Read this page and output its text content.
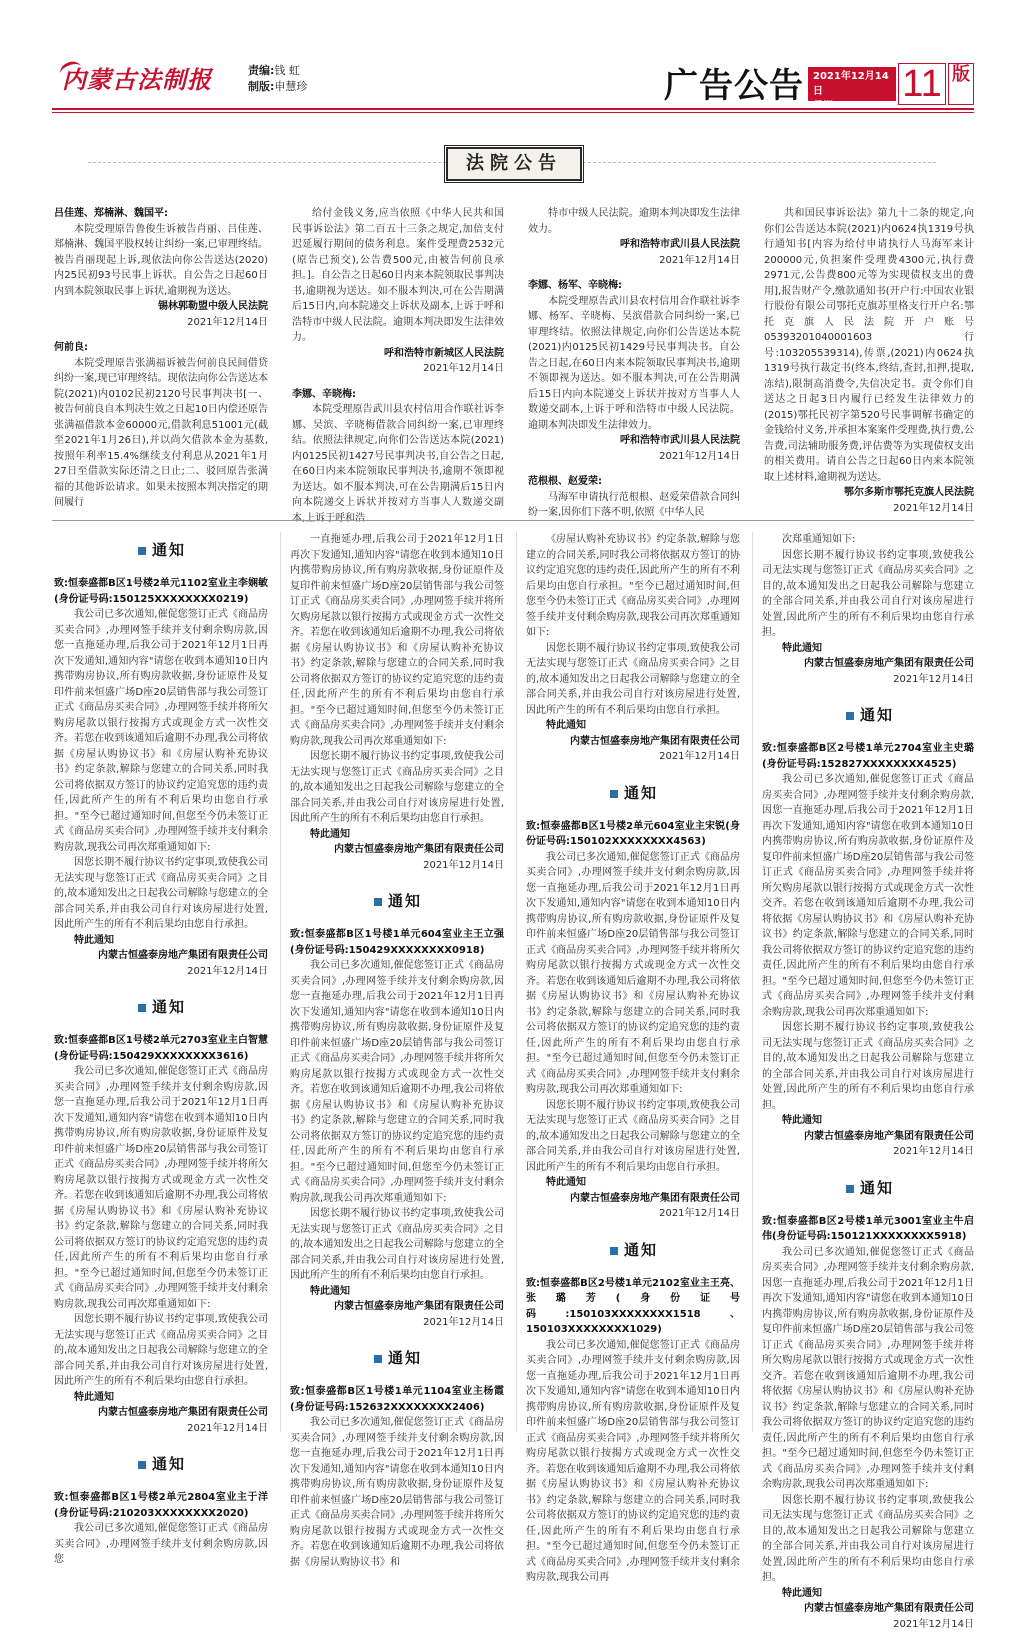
内蒙古法制报	责编:钱 虹
制版:申慧珍	广告公告 2021年12月14日
星期二
11 版
法院公告
吕佳莲、郑楠淋、魏国平:

本院受理原告鲁俊生诉被告肖丽、吕佳莲、郑楠淋、魏国平股权转让纠纷一案,已审理终结。被告肖丽现起上诉,现依法向你公告送达(2020)内25民初93号民事上诉状。自公告之日起60日内到本院领取民事上诉状,逾期视为送达。

锡林郭勒盟中级人民法院
2021年12月14日
何前良:

本院受理原告张满福诉被告何前良民间借贷纠纷一案,现已审理终结。现依法向你公告送达本院(2021)内0102民初2120号民事判决书[一、被告何前良自本判决生效之日起10日内偿还原告张满福借款本金60000元,借款利息51001元(截至2021年1月26日),并以尚欠借款本金为基数,按照年利率15.4%继续支付利息从2021年1月27日至借款实际还清之日止;二、驳回原告张满福的其他诉讼请求。如果未按照本判决指定的期间履行

给付金钱义务,应当依照《中华人民共和国民事诉讼法》第二百五十三条之规定,加倍支付迟延履行期间的债务利息。案件受理费2532元(原告已预交),公告费500元,由被告何前良承担。]。自公告之日起60日内来本院领取民事判决书,逾期视为送达。如不服本判决,可在公告期满后15日内,向本院递交上诉状及副本,上诉于呼和浩特市中级人民法院。逾期本判决即发生法律效力。

呼和浩特市新城区人民法院
2021年12月14日
李娜、辛晓梅:

本院受理原告武川县农村信用合作联社诉李娜、吴滨、辛晓梅借款合同纠纷一案,已审理终结。依照法律规定,向你们公告送达本院(2021)内0125民初1427号民事判决书,自公告之日起,在60日内来本院领取民事判决书,逾期不领即视为送达。如不服本判决,可在公告期满后15日内向本院递交上诉状并按对方当事人人数递交副本,上诉于呼和浩

特市中级人民法院。逾期本判决即发生法律效力。

呼和浩特市武川县人民法院
2021年12月14日
李娜、杨军、辛晓梅:

本院受理原告武川县农村信用合作联社诉李娜、杨军、辛晓梅、吴滨借款合同纠纷一案,已审理终结。依照法律规定,向你们公告送达本院(2021)内0125民初1429号民事判决书。自公告之日起,在60日内来本院领取民事判决书,逾期不领即视为送达。如不服本判决,可在公告期满后15日内向本院递交上诉状并按对方当事人人数递交副本,上诉于呼和浩特市中级人民法院。逾期本判决即发生法律效力。

呼和浩特市武川县人民法院
2021年12月14日
范根根、赵爱荣:

马海军申请执行范根根、赵爱荣借款合同纠纷一案,因你们下落不明,依照《中华人民

共和国民事诉讼法》第九十二条的规定,向你们公告送达本院(2021)内0624执1319号执行通知书[内容为给付申请执行人马海军来计200000元,负担案件受理费4300元,执行费2971元,公告费800元等为实现债权支出的费用],报告财产令,缴款通知书(开户行:中国农业银行股份有限公司鄂托克旗苏里格支行开户名:鄂托克旗人民法院开户账号05393201040001603行号:103205539314),传票,(2021)内0624执1319号执行裁定书(终本,终结,查封,扣押,提取,冻结),限制高消费令,失信决定书。责令你们自送达之日起3日内履行已经发生法律效力的(2015)鄂托民初字第520号民事调解书确定的金钱给付义务,并承担本案案件受理费,执行费,公告费,司法辅助服务费,评估费等为实现债权支出的相关费用。请自公告之日起60日内来本院领取上述材料,逾期视为送达。

鄂尔多斯市鄂托克旗人民法院
2021年12月14日
通知
致:恒泰盛都B区1号楼2单元1102室业主李娴敏(身份证号码:150125XXXXXXXX0219)

我公司已多次通知,催促您签订正式《商品房买卖合同》,办理网签手续并支付剩余购房款,因您一直拖延办理,后我公司于2021年12月1日再次下发通知,通知内容"请您在收到本通知10日内携带购房协议,所有购房款收据,身份证原件及复印件前来恒盛广场D座20层销售部与我公司签订正式《商品房买卖合同》,办理网签手续并将所欠购房尾款以银行按揭方式或现金方式一次性交齐。若您在收到该通知后逾期不办理,我公司将依据《房屋认购协议书》和《房屋认购补充协议书》约定条款,解除与您建立的合同关系,同时我公司将依据双方签订的协议约定追究您的违约责任,因此所产生的所有不利后果均由您自行承担。"至今已超过通知时间,但您至今仍未签订正式《商品房买卖合同》,办理网签手续并支付剩余购房款,现我公司再次郑重通知如下:

因您长期不履行协议书约定事项,致使我公司无法实现与您签订正式《商品房买卖合同》之目的,故本通知发出之日起我公司解除与您建立的全部合同关系,并由我公司自行对该房屋进行处置,因此所产生的所有不利后果均由您自行承担。

特此通知

内蒙古恒盛泰房地产集团有限责任公司
2021年12月14日
通知
致:恒泰盛都B区1号楼2单元2703室业主白智慧(身份证号码:150429XXXXXXXX3616)

我公司已多次通知,催促您签订正式《商品房买卖合同》,办理网签手续并支付剩余购房款,因您一直拖延办理,后我公司于2021年12月1日再次下发通知,通知内容"请您在收到本通知10日内携带购房协议,所有购房款收据,身份证原件及复印件前来恒盛广场D座20层销售部与我公司签订正式《商品房买卖合同》,办理网签手续并将所欠购房尾款以银行按揭方式或现金方式一次性交齐。若您在收到该通知后逾期不办理,我公司将依据《房屋认购协议书》和《房屋认购补充协议书》约定条款,解除与您建立的合同关系,同时我公司将依据双方签订的协议约定追究您的违约责任,因此所产生的所有不利后果均由您自行承担。"至今已超过通知时间,但您至今仍未签订正式《商品房买卖合同》,办理网签手续并支付剩余购房款,现我公司再次郑重通知如下:

因您长期不履行协议书约定事项,致使我公司无法实现与您签订正式《商品房买卖合同》之目的,故本通知发出之日起我公司解除与您建立的全部合同关系,并由我公司自行对该房屋进行处置,因此所产生的所有不利后果均由您自行承担。

特此通知

内蒙古恒盛泰房地产集团有限责任公司
2021年12月14日
通知
致:恒泰盛都B区1号楼2单元2804室业主于洋(身份证号码:210203XXXXXXXX2020)

我公司已多次通知,催促您签订正式《商品房买卖合同》,办理网签手续并支付剩余购房款,因您

一直拖延办理,后我公司于2021年12月1日再次下发通知,通知内容"请您在收到本通知10日内携带购房协议,所有购房款收据,身份证原件及复印件前来恒盛广场D座20层销售部与我公司签订正式《商品房买卖合同》,办理网签手续并将所欠购房尾款以银行按揭方式或现金方式一次性交齐。若您在收到该通知后逾期不办理,我公司将依据《房屋认购协议书》和《房屋认购补充协议书》约定条款,解除与您建立的合同关系,同时我公司将依据双方签订的协议约定追究您的违约责任,因此所产生的所有不利后果均由您自行承担。"至今已超过通知时间,但您至今仍未签订正式《商品房买卖合同》,办理网签手续并支付剩余购房款,现我公司再次郑重通知如下:

因您长期不履行协议书约定事项,致使我公司无法实现与您签订正式《商品房买卖合同》之目的,故本通知发出之日起我公司解除与您建立的全部合同关系,并由我公司自行对该房屋进行处置,因此所产生的所有不利后果均由您自行承担。

特此通知

内蒙古恒盛泰房地产集团有限责任公司
2021年12月14日
通知
致:恒泰盛都B区1号楼1单元604室业主王立强(身份证号码:150429XXXXXXXX0918)

我公司已多次通知,催促您签订正式《商品房买卖合同》,办理网签手续并支付剩余购房款,因您一直拖延办理,后我公司于2021年12月1日再次下发通知,通知内容"请您在收到本通知10日内携带购房协议,所有购房款收据,身份证原件及复印件前来恒盛广场D座20层销售部与我公司签订正式《商品房买卖合同》,办理网签手续并将所欠购房尾款以银行按揭方式或现金方式一次性交齐。若您在收到该通知后逾期不办理,我公司将依据《房屋认购协议书》和《房屋认购补充协议书》约定条款,解除与您建立的合同关系,同时我公司将依据双方签订的协议约定追究您的违约责任,因此所产生的所有不利后果均由您自行承担。"至今已超过通知时间,但您至今仍未签订正式《商品房买卖合同》,办理网签手续并支付剩余购房款,现我公司再次郑重通知如下:

因您长期不履行协议书约定事项,致使我公司无法实现与您签订正式《商品房买卖合同》之目的,故本通知发出之日起我公司解除与您建立的全部合同关系,并由我公司自行对该房屋进行处置,因此所产生的所有不利后果均由您自行承担。

特此通知

内蒙古恒盛泰房地产集团有限责任公司
2021年12月14日
通知
致:恒泰盛都B区1号楼1单元1104室业主杨霞(身份证号码:152632XXXXXXXX2406)

我公司已多次通知,催促您签订正式《商品房买卖合同》,办理网签手续并支付剩余购房款,因您一直拖延办理,后我公司于2021年12月1日再次下发通知,通知内容"请您在收到本通知10日内携带购房协议,所有购房款收据,身份证原件及复印件前来恒盛广场D座20层销售部与我公司签订正式《商品房买卖合同》,办理网签手续并将所欠购房尾款以银行按揭方式或现金方式一次性交齐。若您在收到该通知后逾期不办理,我公司将依据《房屋认购协议书》和

《房屋认购补充协议书》约定条款,解除与您建立的合同关系,同时我公司将依据双方签订的协议约定追究您的违约责任,因此所产生的所有不利后果均由您自行承担。"至今已超过通知时间,但您至今仍未签订正式《商品房买卖合同》,办理网签手续并支付剩余购房款,现我公司再次郑重通知如下:

因您长期不履行协议书约定事项,致使我公司无法实现与您签订正式《商品房买卖合同》之目的,故本通知发出之日起我公司解除与您建立的全部合同关系,并由我公司自行对该房屋进行处置,因此所产生的所有不利后果均由您自行承担。

特此通知

内蒙古恒盛泰房地产集团有限责任公司
2021年12月14日
通知
致:恒泰盛都B区1号楼2单元604室业主宋锐(身份证号码:150102XXXXXXXX4563)

我公司已多次通知,催促您签订正式《商品房买卖合同》,办理网签手续并支付剩余购房款,因您一直拖延办理,后我公司于2021年12月1日再次下发通知,通知内容"请您在收到本通知10日内携带购房协议,所有购房款收据,身份证原件及复印件前来恒盛广场D座20层销售部与我公司签订正式《商品房买卖合同》,办理网签手续并将所欠购房尾款以银行按揭方式或现金方式一次性交齐。若您在收到该通知后逾期不办理,我公司将依据《房屋认购协议书》和《房屋认购补充协议书》约定条款,解除与您建立的合同关系,同时我公司将依据双方签订的协议约定追究您的违约责任,因此所产生的所有不利后果均由您自行承担。"至今已超过通知时间,但您至今仍未签订正式《商品房买卖合同》,办理网签手续并支付剩余购房款,现我公司再次郑重通知如下:

因您长期不履行协议书约定事项,致使我公司无法实现与您签订正式《商品房买卖合同》之目的,故本通知发出之日起我公司解除与您建立的全部合同关系,并由我公司自行对该房屋进行处置,因此所产生的所有不利后果均由您自行承担。

特此通知

内蒙古恒盛泰房地产集团有限责任公司
2021年12月14日
通知
致:恒泰盛都B区2号楼1单元2102室业主王亮、张璐芳(身份证号码:150103XXXXXXXX1518、150103XXXXXXXX1029)

我公司已多次通知,催促您签订正式《商品房买卖合同》,办理网签手续并支付剩余购房款,因您一直拖延办理,后我公司于2021年12月1日再次下发通知,通知内容"请您在收到本通知10日内携带购房协议,所有购房款收据,身份证原件及复印件前来恒盛广场D座20层销售部与我公司签订正式《商品房买卖合同》,办理网签手续并将所欠购房尾款以银行按揭方式或现金方式一次性交齐。若您在收到该通知后逾期不办理,我公司将依据《房屋认购协议书》和《房屋认购补充协议书》约定条款,解除与您建立的合同关系,同时我公司将依据双方签订的协议约定追究您的违约责任,因此所产生的所有不利后果均由您自行承担。"至今已超过通知时间,但您至今仍未签订正式《商品房买卖合同》,办理网签手续并支付剩余购房款,现我公司再

次郑重通知如下:

因您长期不履行协议书约定事项,致使我公司无法实现与您签订正式《商品房买卖合同》之目的,故本通知发出之日起我公司解除与您建立的全部合同关系,并由我公司自行对该房屋进行处置,因此所产生的所有不利后果均由您自行承担。

特此通知

内蒙古恒盛泰房地产集团有限责任公司
2021年12月14日
通知
致:恒泰盛都B区2号楼1单元2704室业主史璐(身份证号码:152827XXXXXXXX4525)

我公司已多次通知,催促您签订正式《商品房买卖合同》,办理网签手续并支付剩余购房款,因您一直拖延办理,后我公司于2021年12月1日再次下发通知,通知内容"请您在收到本通知10日内携带购房协议,所有购房款收据,身份证原件及复印件前来恒盛广场D座20层销售部与我公司签订正式《商品房买卖合同》,办理网签手续并将所欠购房尾款以银行按揭方式或现金方式一次性交齐。若您在收到该通知后逾期不办理,我公司将依据《房屋认购协议书》和《房屋认购补充协议书》约定条款,解除与您建立的合同关系,同时我公司将依据双方签订的协议约定追究您的违约责任,因此所产生的所有不利后果均由您自行承担。"至今已超过通知时间,但您至今仍未签订正式《商品房买卖合同》,办理网签手续并支付剩余购房款,现我公司再次郑重通知如下:

因您长期不履行协议书约定事项,致使我公司无法实现与您签订正式《商品房买卖合同》之目的,故本通知发出之日起我公司解除与您建立的全部合同关系,并由我公司自行对该房屋进行处置,因此所产生的所有不利后果均由您自行承担。

特此通知

内蒙古恒盛泰房地产集团有限责任公司
2021年12月14日
通知
致:恒泰盛都B区2号楼1单元3001室业主牛启伟(身份证号码:150121XXXXXXXX5918)

我公司已多次通知,催促您签订正式《商品房买卖合同》,办理网签手续并支付剩余购房款,因您一直拖延办理,后我公司于2021年12月1日再次下发通知,通知内容"请您在收到本通知10日内携带购房协议,所有购房款收据,身份证原件及复印件前来恒盛广场D座20层销售部与我公司签订正式《商品房买卖合同》,办理网签手续并将所欠购房尾款以银行按揭方式或现金方式一次性交齐。若您在收到该通知后逾期不办理,我公司将依据《房屋认购协议书》和《房屋认购补充协议书》约定条款,解除与您建立的合同关系,同时我公司将依据双方签订的协议约定追究您的违约责任,因此所产生的所有不利后果均由您自行承担。"至今已超过通知时间,但您至今仍未签订正式《商品房买卖合同》,办理网签手续并支付剩余购房款,现我公司再次郑重通知如下:

因您长期不履行协议书约定事项,致使我公司无法实现与您签订正式《商品房买卖合同》之目的,故本通知发出之日起我公司解除与您建立的全部合同关系,并由我公司自行对该房屋进行处置,因此所产生的所有不利后果均由您自行承担。

特此通知

内蒙古恒盛泰房地产集团有限责任公司
2021年12月14日
